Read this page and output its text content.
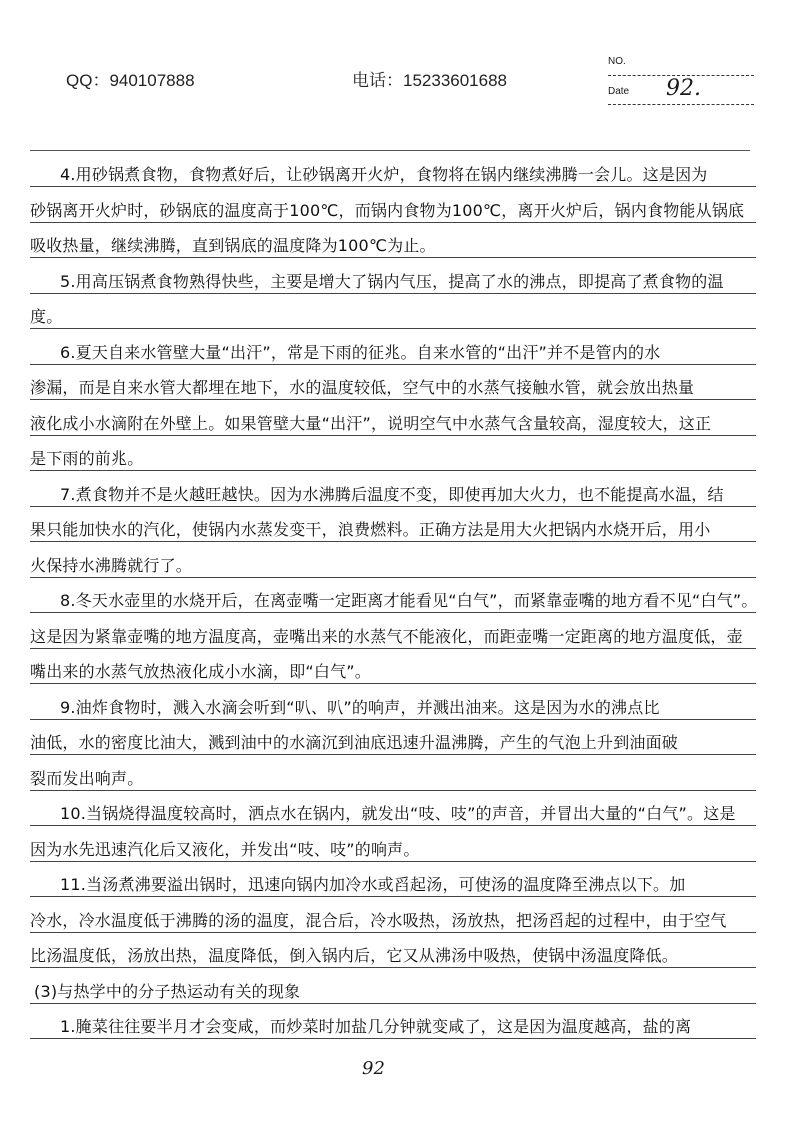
QQ：940107888	电话：15233601688
NO.
Date 92.
4.用砂锅煮食物，食物煮好后，让砂锅离开火炉，食物将在锅内继续沸腾一会儿。这是因为
砂锅离开火炉时，砂锅底的温度高于100℃，而锅内食物为100℃，离开火炉后，锅内食物能从锅底
吸收热量，继续沸腾，直到锅底的温度降为100℃为止。
5.用高压锅煮食物熟得快些，主要是增大了锅内气压，提高了水的沸点，即提高了煮食物的温
度。
6.夏天自来水管壁大量“出汗”，常是下雨的征兆。自来水管的“出汗”并不是管内的水
渗漏，而是自来水管大都埋在地下，水的温度较低，空气中的水蒸气接触水管，就会放出热量
液化成小水滴附在外壁上。如果管壁大量“出汗”，说明空气中水蒸气含量较高，湿度较大，这正
是下雨的前兆。
7.煮食物并不是火越旺越快。因为水沸腾后温度不变，即使再加大火力，也不能提高水温，结
果只能加快水的汽化，使锅内水蒸发变干，浪费燃料。正确方法是用大火把锅内水烧开后，用小
火保持水沸腾就行了。
8.冬天水壶里的水烧开后，在离壶嘴一定距离才能看见“白气”，而紧靠壶嘴的地方看不见“白气”。
这是因为紧靠壶嘴的地方温度高，壶嘴出来的水蒸气不能液化，而距壶嘴一定距离的地方温度低，壶
嘴出来的水蒸气放热液化成小水滴，即“白气”。
9.油炸食物时，溅入水滴会听到“叭、叭”的响声，并溅出油来。这是因为水的沸点比
油低，水的密度比油大，溅到油中的水滴沉到油底迅速升温沸腾，产生的气泡上升到油面破
裂而发出响声。
10.当锅烧得温度较高时，洒点水在锅内，就发出“吱、吱”的声音，并冒出大量的“白气”。这是
因为水先迅速汽化后又液化，并发出“吱、吱”的响声。
11.当汤煮沸要溢出锅时，迅速向锅内加冷水或舀起汤，可使汤的温度降至沸点以下。加
冷水，冷水温度低于沸腾的汤的温度，混合后，冷水吸热，汤放热，把汤舀起的过程中，由于空气
比汤温度低，汤放出热，温度降低，倒入锅内后，它又从沸汤中吸热，使锅中汤温度降低。
(3)与热学中的分子热运动有关的现象
1.腌菜往往要半月才会变咸，而炒菜时加盐几分钟就变咸了，这是因为温度越高，盐的离
92
